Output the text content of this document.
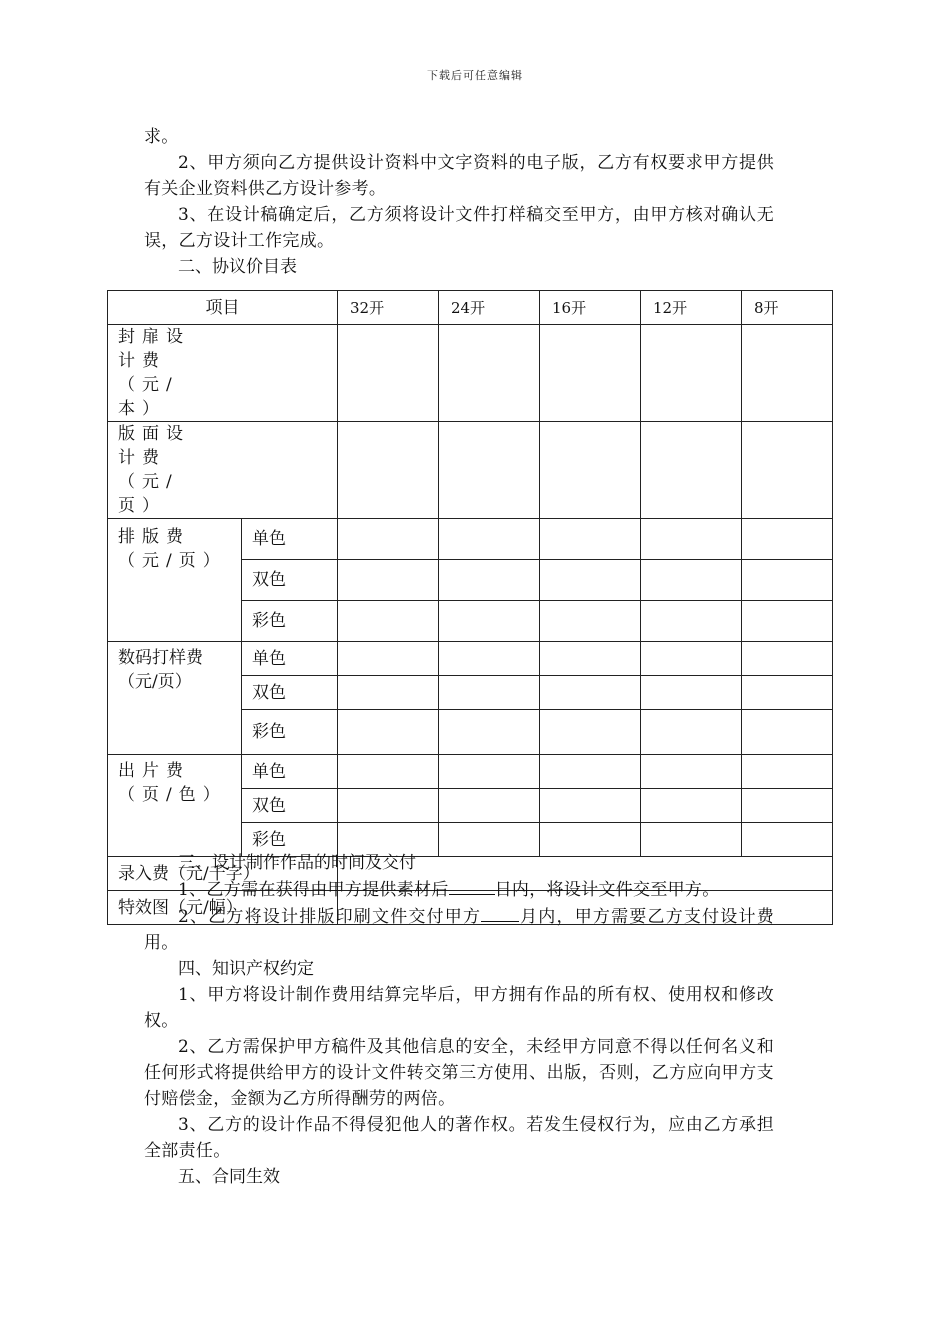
下载后可任意编辑

求。

2、甲方须向乙方提供设计资料中文字资料的电子版，乙方有权要求甲方提供有关企业资料供乙方设计参考。

3、在设计稿确定后，乙方须将设计文件打样稿交至甲方，由甲方核对确认无误，乙方设计工作完成。

二、协议价目表

项目		32开	24开	16开	12开	8开
封扉设计费（元/本）						
版面设计费（元/页）						
排版费（元/页）	单色					
	双色					
	彩色					
数码打样费（元/页）	单色					
	双色					
	彩色					
出片费（页/色）	单色					
	双色					
	彩色					
录入费（元/千字）						
特效图（元/幅）						

三、设计制作作品的时间及交付

1、乙方需在获得由甲方提供素材后	日内，将设计文件交至甲方。

2、乙方将设计排版印刷文件交付甲方 月内，甲方需要乙方支付设计费用。

四、知识产权约定

1、甲方将设计制作费用结算完毕后，甲方拥有作品的所有权、使用权和修改权。

2、乙方需保护甲方稿件及其他信息的安全，未经甲方同意不得以任何名义和任何形式将提供给甲方的设计文件转交第三方使用、出版，否则，乙方应向甲方支付赔偿金，金额为乙方所得酬劳的两倍。

3、乙方的设计作品不得侵犯他人的著作权。若发生侵权行为，应由乙方承担全部责任。

五、合同生效
